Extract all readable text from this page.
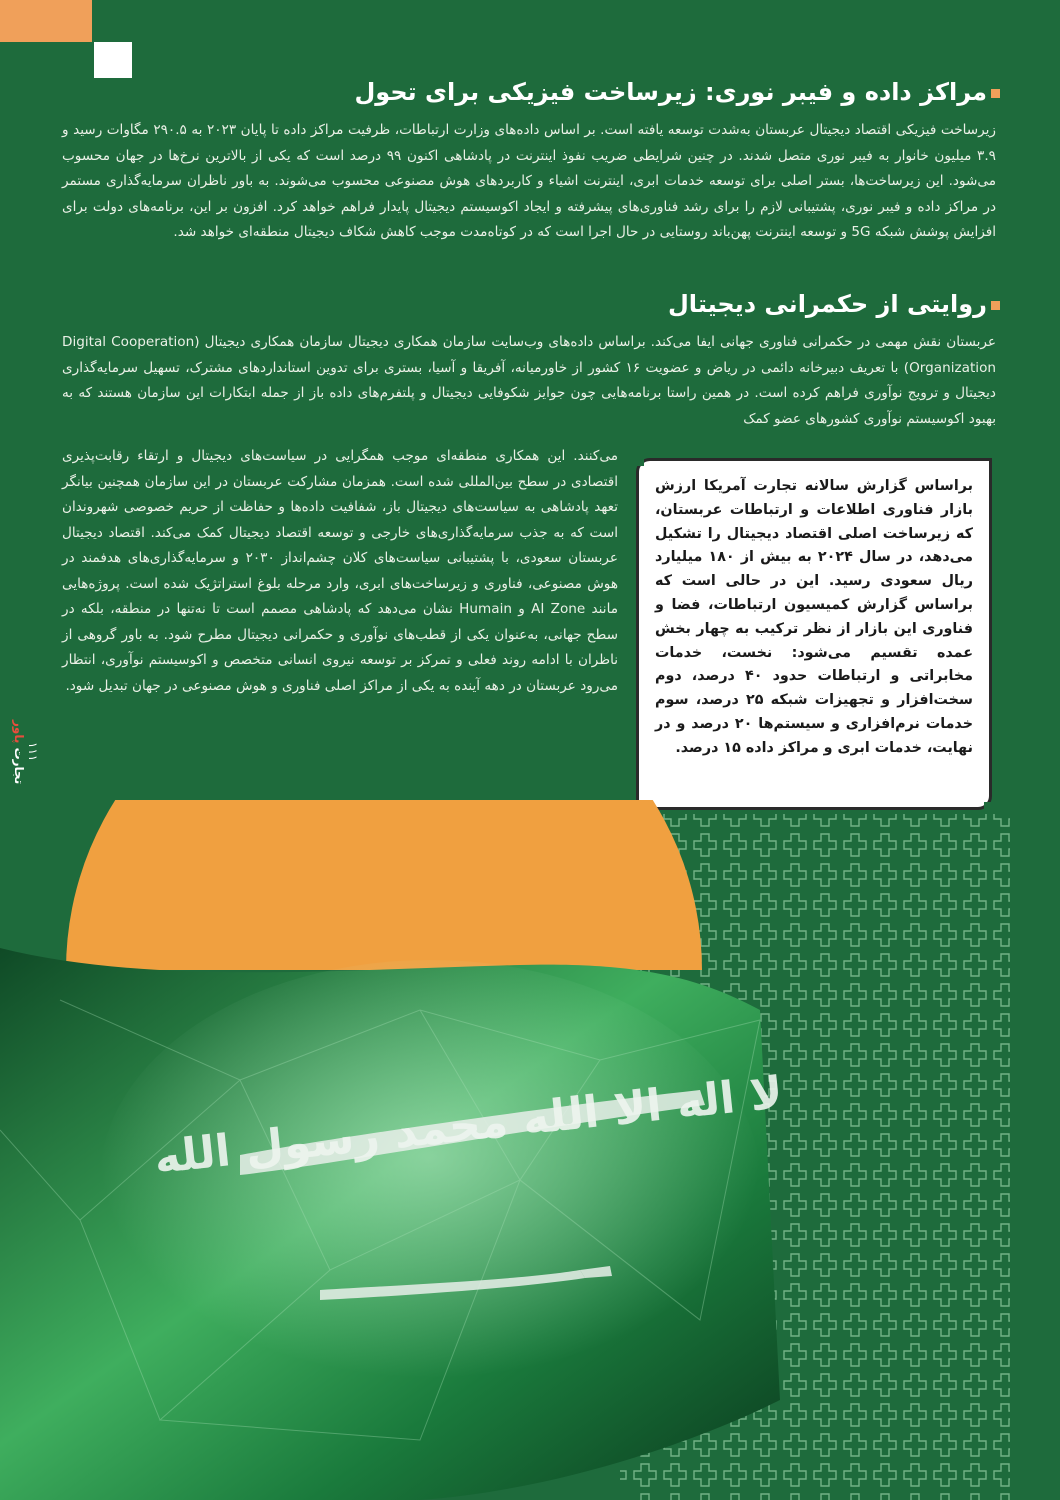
مراکز داده و فیبر نوری: زیرساخت فیزیکی برای تحول

زیرساخت فیزیکی اقتصاد دیجیتال عربستان به‌شدت توسعه یافته است. بر اساس داده‌های وزارت ارتباطات، ظرفیت مراکز داده تا پایان ۲۰۲۳ به ۲۹۰.۵ مگاوات رسید و ۳.۹ میلیون خانوار به فیبر نوری متصل شدند. در چنین شرایطی ضریب نفوذ اینترنت در پادشاهی اکنون ۹۹ درصد است که یکی از بالاترین نرخ‌ها در جهان محسوب می‌شود. این زیرساخت‌ها، بستر اصلی برای توسعه خدمات ابری، اینترنت اشیاء و کاربردهای هوش مصنوعی محسوب می‌شوند. به باور ناظران سرمایه‌گذاری مستمر در مراکز داده و فیبر نوری، پشتیبانی لازم را برای رشد فناوری‌های پیشرفته و ایجاد اکوسیستم دیجیتال پایدار فراهم خواهد کرد. افزون بر این، برنامه‌های دولت برای افزایش پوشش شبکه 5G و توسعه اینترنت پهن‌باند روستایی در حال اجرا است که در کوتاه‌مدت موجب کاهش شکاف دیجیتال منطقه‌ای خواهد شد.

روایتی از حکمرانی دیجیتال

عربستان نقش مهمی در حکمرانی فناوری جهانی ایفا می‌کند. براساس داده‌های وب‌سایت سازمان همکاری دیجیتال سازمان همکاری دیجیتال (Digital Cooperation Organization) با تعریف دبیرخانه دائمی در ریاض و عضویت ۱۶ کشور از خاورمیانه، آفریقا و آسیا، بستری برای تدوین استانداردهای مشترک، تسهیل سرمایه‌گذاری دیجیتال و ترویج نوآوری فراهم کرده است. در همین راستا برنامه‌هایی چون جوایز شکوفایی دیجیتال و پلتفرم‌های داده باز از جمله ابتکارات این سازمان هستند که به بهبود اکوسیستم نوآوری کشورهای عضو کمک

می‌کنند. این همکاری منطقه‌ای موجب همگرایی در سیاست‌های دیجیتال و ارتقاء رقابت‌پذیری اقتصادی در سطح بین‌المللی شده است. همزمان مشارکت عربستان در این سازمان همچنین بیانگر تعهد پادشاهی به سیاست‌های دیجیتال باز، شفافیت داده‌ها و حفاظت از حریم خصوصی شهروندان است که به جذب سرمایه‌گذاری‌های خارجی و توسعه اقتصاد دیجیتال کمک می‌کند. اقتصاد دیجیتال عربستان سعودی، با پشتیبانی سیاست‌های کلان چشم‌انداز ۲۰۳۰ و سرمایه‌گذاری‌های هدفمند در هوش مصنوعی، فناوری و زیرساخت‌های ابری، وارد مرحله بلوغ استراتژیک شده است. پروژه‌هایی مانند AI Zone و Humain نشان می‌دهد که پادشاهی مصمم است تا نه‌تنها در منطقه، بلکه در سطح جهانی، به‌عنوان یکی از قطب‌های نوآوری و حکمرانی دیجیتال مطرح شود. به باور گروهی از ناظران با ادامه روند فعلی و تمرکز بر توسعه نیروی انسانی متخصص و اکوسیستم نوآوری، انتظار می‌رود عربستان در دهه آینده به یکی از مراکز اصلی فناوری و هوش مصنوعی در جهان تبدیل شود.

براساس گزارش سالانه تجارت آمریکا ارزش بازار فناوری اطلاعات و ارتباطات عربستان، که زیرساخت اصلی اقتصاد دیجیتال را تشکیل می‌دهد، در سال ۲۰۲۴ به بیش از ۱۸۰ میلیارد ریال سعودی رسید. این در حالی است که براساس گزارش کمیسیون ارتباطات، فضا و فناوری این بازار از نظر ترکیب به چهار بخش عمده تقسیم می‌شود: نخست، خدمات مخابراتی و ارتباطات حدود ۴۰ درصد، دوم سخت‌افزار و تجهیزات شبکه ۲۵ درصد، سوم خدمات نرم‌افزاری و سیستم‌ها ۲۰ درصد و در نهایت، خدمات ابری و مراکز داده ۱۵ درصد.
۱۱۱
تجارت پاور
لا اله الا الله محمد رسول الله
